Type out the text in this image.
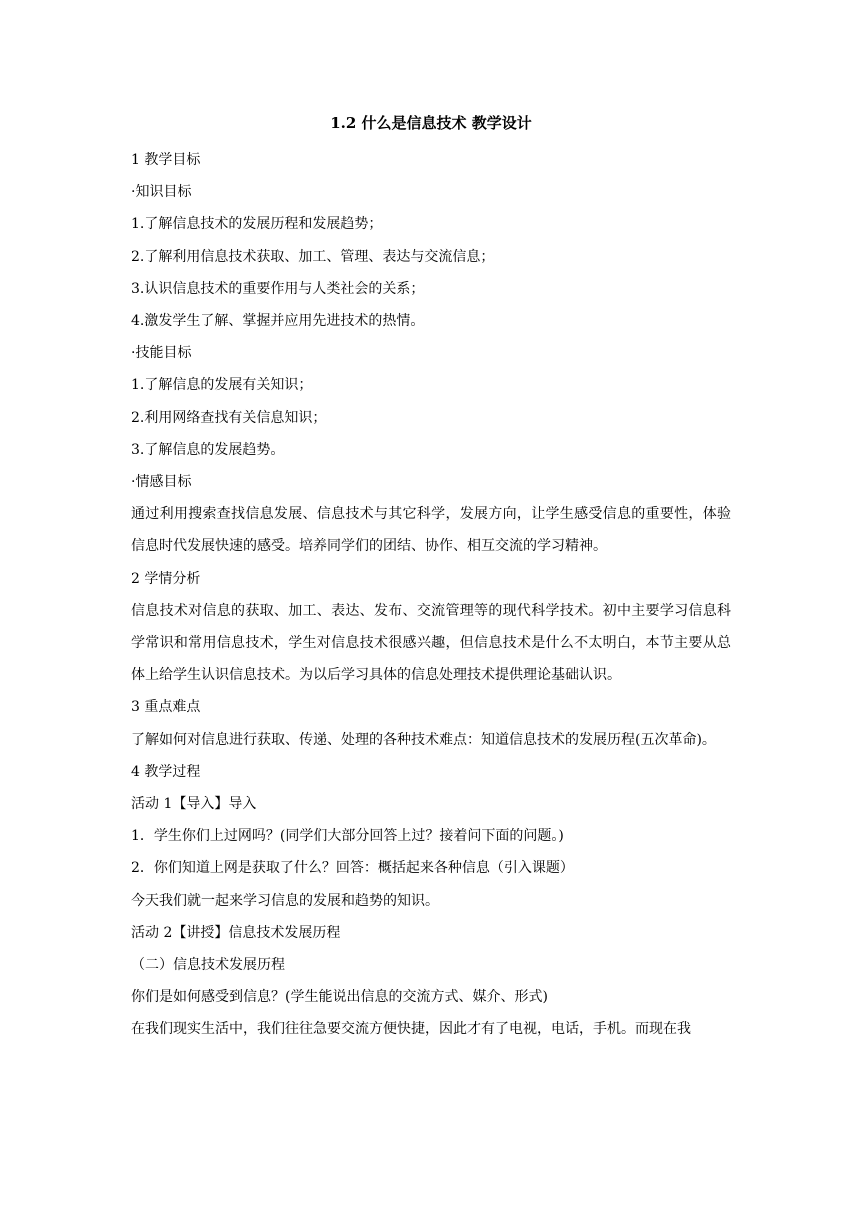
1.2 什么是信息技术 教学设计

1 教学目标

·知识目标

1.了解信息技术的发展历程和发展趋势；

2.了解利用信息技术获取、加工、管理、表达与交流信息；

3.认识信息技术的重要作用与人类社会的关系；

4.激发学生了解、掌握并应用先进技术的热情。

·技能目标

1.了解信息的发展有关知识；

2.利用网络查找有关信息知识；

3.了解信息的发展趋势。

·情感目标

通过利用搜索查找信息发展、信息技术与其它科学，发展方向，让学生感受信息的重要性，体验信息时代发展快速的感受。培养同学们的团结、协作、相互交流的学习精神。

2 学情分析

信息技术对信息的获取、加工、表达、发布、交流管理等的现代科学技术。初中主要学习信息科学常识和常用信息技术，学生对信息技术很感兴趣，但信息技术是什么不太明白，本节主要从总体上给学生认识信息技术。为以后学习具体的信息处理技术提供理论基础认识。

3 重点难点

了解如何对信息进行获取、传递、处理的各种技术难点：知道信息技术的发展历程(五次革命)。

4 教学过程

活动 1【导入】导入

1．学生你们上过网吗？(同学们大部分回答上过？接着问下面的问题。)

2．你们知道上网是获取了什么？回答：概括起来各种信息（引入课题）

今天我们就一起来学习信息的发展和趋势的知识。

活动 2【讲授】信息技术发展历程

（二）信息技术发展历程

你们是如何感受到信息？(学生能说出信息的交流方式、媒介、形式)

在我们现实生活中，我们往往急要交流方便快捷，因此才有了电视，电话，手机。而现在我
